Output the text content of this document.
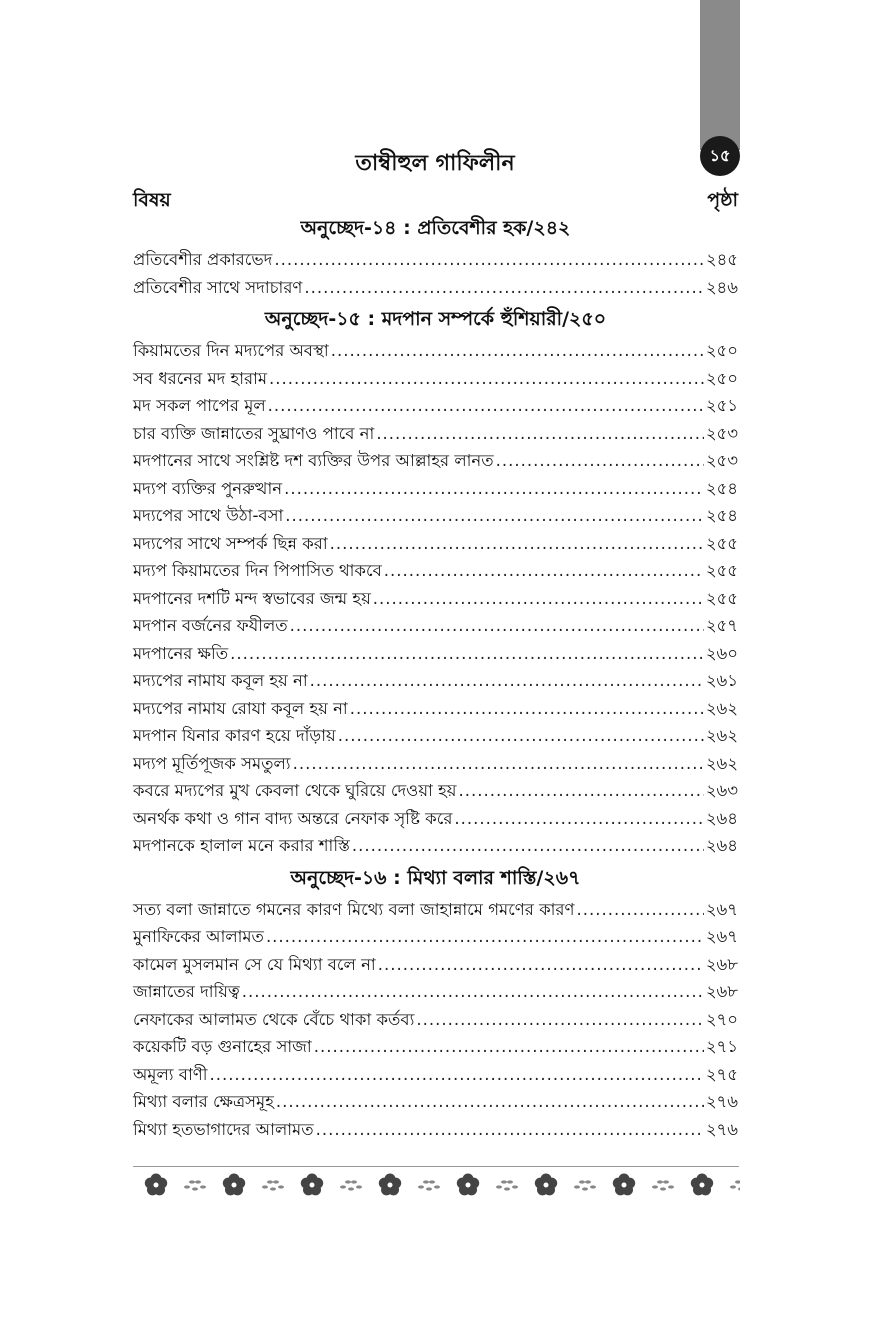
১৫
তাম্বীহুল গাফিলীন
বিষয়	পৃষ্ঠা
অনুচ্ছেদ-১৪ : প্রতিবেশীর হক/২৪২
প্রতিবেশীর প্রকারভেদ .....	২৪৫
প্রতিবেশীর সাথে সদাচারণ .....	২৪৬
অনুচ্ছেদ-১৫ : মদপান সম্পর্কে হুঁশিয়ারী/২৫০
কিয়ামতের দিন মদ্যপের অবস্থা .....	২৫০
সব ধরনের মদ হারাম .....	২৫০
মদ সকল পাপের মূল .....	২৫১
চার ব্যক্তি জান্নাতের সুঘ্রাণও পাবে না .....	২৫৩
মদপানের সাথে সংশ্লিষ্ট দশ ব্যক্তির উপর আল্লাহর লানত .....	২৫৩
মদ্যপ ব্যক্তির পুনরুত্থান .....	২৫৪
মদ্যপের সাথে উঠা-বসা .....	২৫৪
মদ্যপের সাথে সম্পর্ক ছিন্ন করা .....	২৫৫
মদ্যপ কিয়ামতের দিন পিপাসিত থাকবে .....	২৫৫
মদপানের দশটি মন্দ স্বভাবের জন্ম হয় .....	২৫৫
মদপান বর্জনের ফযীলত .....	২৫৭
মদপানের ক্ষতি .....	২৬০
মদ্যপের নামায কবূল হয় না .....	২৬১
মদ্যপের নামায রোযা কবূল হয় না .....	২৬২
মদপান যিনার কারণ হয়ে দাঁড়ায় .....	২৬২
মদ্যপ মূর্তিপূজক সমতুল্য .....	২৬২
কবরে মদ্যপের মুখ কেবলা থেকে ঘুরিয়ে দেওয়া হয় .....	২৬৩
অনর্থক কথা ও গান বাদ্য অন্তরে নেফাক সৃষ্টি করে .....	২৬৪
মদপানকে হালাল মনে করার শাস্তি .....	২৬৪
অনুচ্ছেদ-১৬ : মিথ্যা বলার শাস্তি/২৬৭
সত্য বলা জান্নাতে গমনের কারণ মিথ্যে বলা জাহান্নামে গমণের কারণ .....	২৬৭
মুনাফিকের আলামত .....	২৬৭
কামেল মুসলমান সে যে মিথ্যা বলে না .....	২৬৮
জান্নাতের দায়িত্ব .....	২৬৮
নেফাকের আলামত থেকে বেঁচে থাকা কর্তব্য .....	২৭০
কয়েকটি বড় গুনাহের সাজা .....	২৭১
অমূল্য বাণী .....	২৭৫
মিথ্যা বলার ক্ষেত্রসমূহ .....	২৭৬
মিথ্যা হতভাগাদের আলামত .....	২৭৬
